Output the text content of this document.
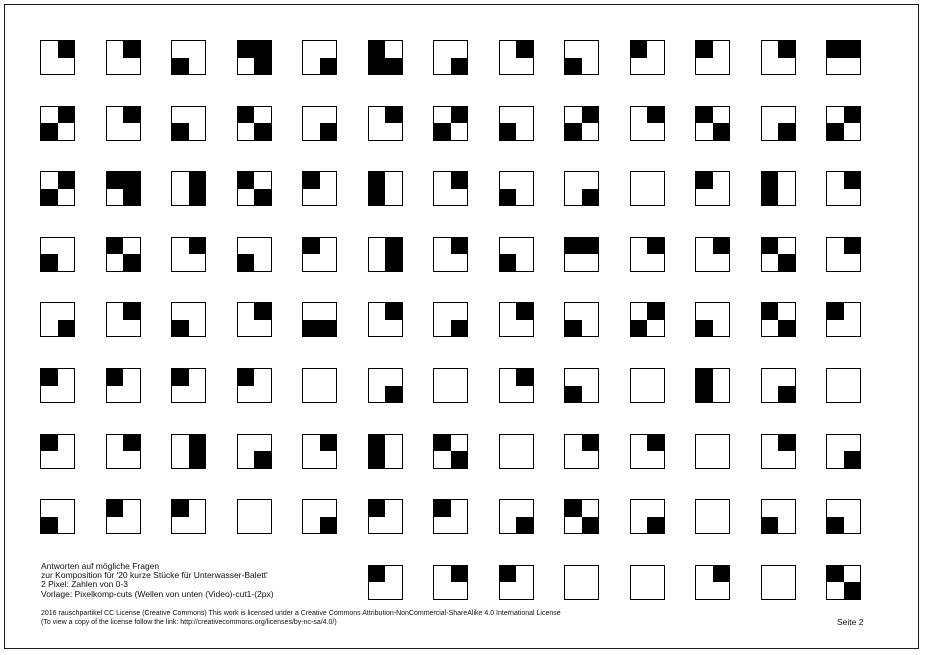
Antworten auf mögliche Fragen
zur Komposition für '20 kurze Stücke für Unterwasser-Balett'
2 Pixel: Zahlen von 0-3
Vorlage: Pixelkomp-cuts (Wellen von unten (Video)-cut1-(2px)
2016 rauschpartikel CC License (Creative Commons) This work is licensed under a Creative Commons Attribution-NonCommercial-ShareAlike 4.0 International License
(To view a copy of the license follow the link: http://creativecommons.org/licenses/by-nc-sa/4.0/)	Seite 2
